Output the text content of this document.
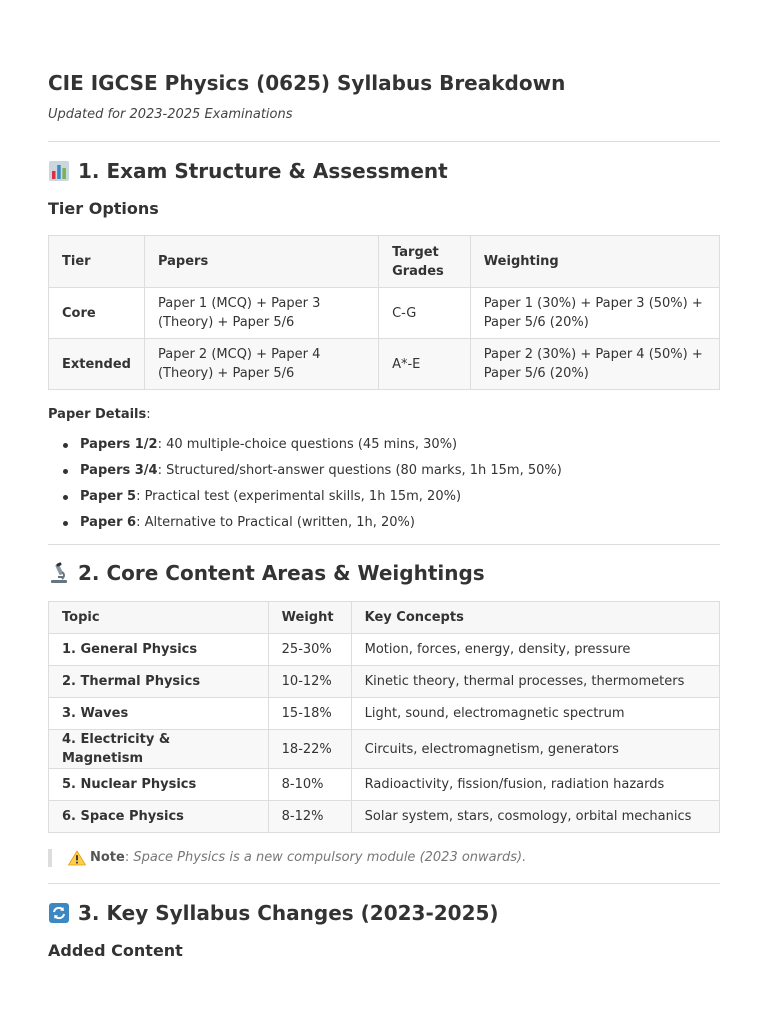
CIE IGCSE Physics (0625) Syllabus Breakdown

Updated for 2023-2025 Examinations

1. Exam Structure & Assessment
Tier Options
Tier	Papers	Target Grades	Weighting
Core	Paper 1 (MCQ) + Paper 3 (Theory) + Paper 5/6	C-G	Paper 1 (30%) + Paper 3 (50%) + Paper 5/6 (20%)
Extended	Paper 2 (MCQ) + Paper 4 (Theory) + Paper 5/6	A*-E	Paper 2 (30%) + Paper 4 (50%) + Paper 5/6 (20%)

Paper Details:

Papers 1/2: 40 multiple-choice questions (45 mins, 30%)
Papers 3/4: Structured/short-answer questions (80 marks, 1h 15m, 50%)
Paper 5: Practical test (experimental skills, 1h 15m, 20%)
Paper 6: Alternative to Practical (written, 1h, 20%)
2. Core Content Areas & Weightings
Topic	Weight	Key Concepts
1. General Physics	25-30%	Motion, forces, energy, density, pressure
2. Thermal Physics	10-12%	Kinetic theory, thermal processes, thermometers
3. Waves	15-18%	Light, sound, electromagnetic spectrum
4. Electricity & Magnetism	18-22%	Circuits, electromagnetism, generators
5. Nuclear Physics	8-10%	Radioactivity, fission/fusion, radiation hazards
6. Space Physics	8-12%	Solar system, stars, cosmology, orbital mechanics
Note: Space Physics is a new compulsory module (2023 onwards).
3. Key Syllabus Changes (2023-2025)
Added Content
